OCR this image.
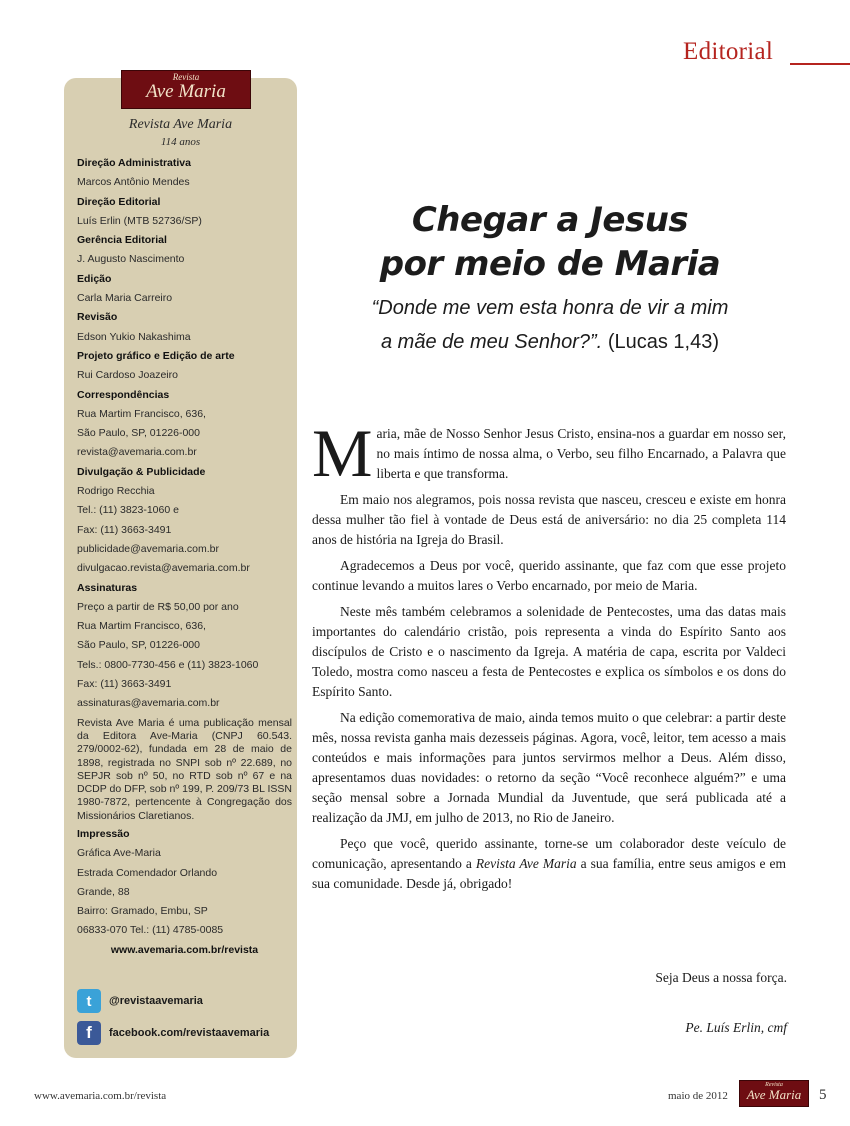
Editorial
Revista
Ave Maria
Revista Ave Maria
114 anos
Direção Administrativa
Marcos Antônio Mendes
Direção Editorial
Luís Erlin (MTB 52736/SP)
Gerência Editorial
J. Augusto Nascimento
Edição
Carla Maria Carreiro
Revisão
Edson Yukio Nakashima
Projeto gráfico e Edição de arte
Rui Cardoso Joazeiro
Correspondências
Rua Martim Francisco, 636,
São Paulo, SP, 01226-000
revista@avemaria.com.br
Divulgação & Publicidade
Rodrigo Recchia
Tel.: (11) 3823-1060 e
Fax: (11) 3663-3491
publicidade@avemaria.com.br
divulgacao.revista@avemaria.com.br
Assinaturas
Preço a partir de R$ 50,00 por ano
Rua Martim Francisco, 636,
São Paulo, SP, 01226-000
Tels.: 0800-7730-456 e (11) 3823-1060
Fax: (11) 3663-3491
assinaturas@avemaria.com.br
Revista Ave Maria é uma publicação mensal da Editora Ave-Maria (CNPJ 60.543. 279/0002-62), fundada em 28 de maio de 1898, registrada no SNPI sob nº 22.689, no SEPJR sob nº 50, no RTD sob nº 67 e na DCDP do DFP, sob nº 199, P. 209/73 BL ISSN 1980-7872, pertencente à Congregação dos Missionários Claretianos.
Impressão
Gráfica Ave-Maria
Estrada Comendador Orlando
Grande, 88
Bairro: Gramado, Embu, SP
06833-070 Tel.: (11) 4785-0085
www.avemaria.com.br/revista
t	@revistaavemaria
f	facebook.com/revistaavemaria
Chegar a Jesus
por meio de Maria
“Donde me vem esta honra de vir a mim
a mãe de meu Senhor?”. (Lucas 1,43)

Maria, mãe de Nosso Senhor Jesus Cristo, ensina-nos a guardar em nosso ser, no mais íntimo de nossa alma, o Verbo, seu filho Encarnado, a Palavra que liberta e que transforma.

Em maio nos alegramos, pois nossa revista que nasceu, cresceu e existe em honra dessa mulher tão fiel à vontade de Deus está de aniversário: no dia 25 completa 114 anos de história na Igreja do Brasil.

Agradecemos a Deus por você, querido assinante, que faz com que esse projeto continue levando a muitos lares o Verbo encarnado, por meio de Maria.

Neste mês também celebramos a solenidade de Pentecostes, uma das datas mais importantes do calendário cristão, pois representa a vinda do Espírito Santo aos discípulos de Cristo e o nascimento da Igreja. A matéria de capa, escrita por Valdeci Toledo, mostra como nasceu a festa de Pentecostes e explica os símbolos e os dons do Espírito Santo.

Na edição comemorativa de maio, ainda temos muito o que celebrar: a partir deste mês, nossa revista ganha mais dezesseis páginas. Agora, você, leitor, tem acesso a mais conteúdos e mais informações para juntos servirmos melhor a Deus. Além disso, apresentamos duas novidades: o retorno da seção “Você reconhece alguém?” e uma seção mensal sobre a Jornada Mundial da Juventude, que será publicada até a realização da JMJ, em julho de 2013, no Rio de Janeiro.

Peço que você, querido assinante, torne-se um colaborador deste veículo de comunicação, apresentando a Revista Ave Maria a sua família, entre seus amigos e em sua comunidade. Desde já, obrigado!

Seja Deus a nossa força.
Pe. Luís Erlin, cmf
www.avemaria.com.br/revista	maio de 2012
Revista
Ave Maria	5
